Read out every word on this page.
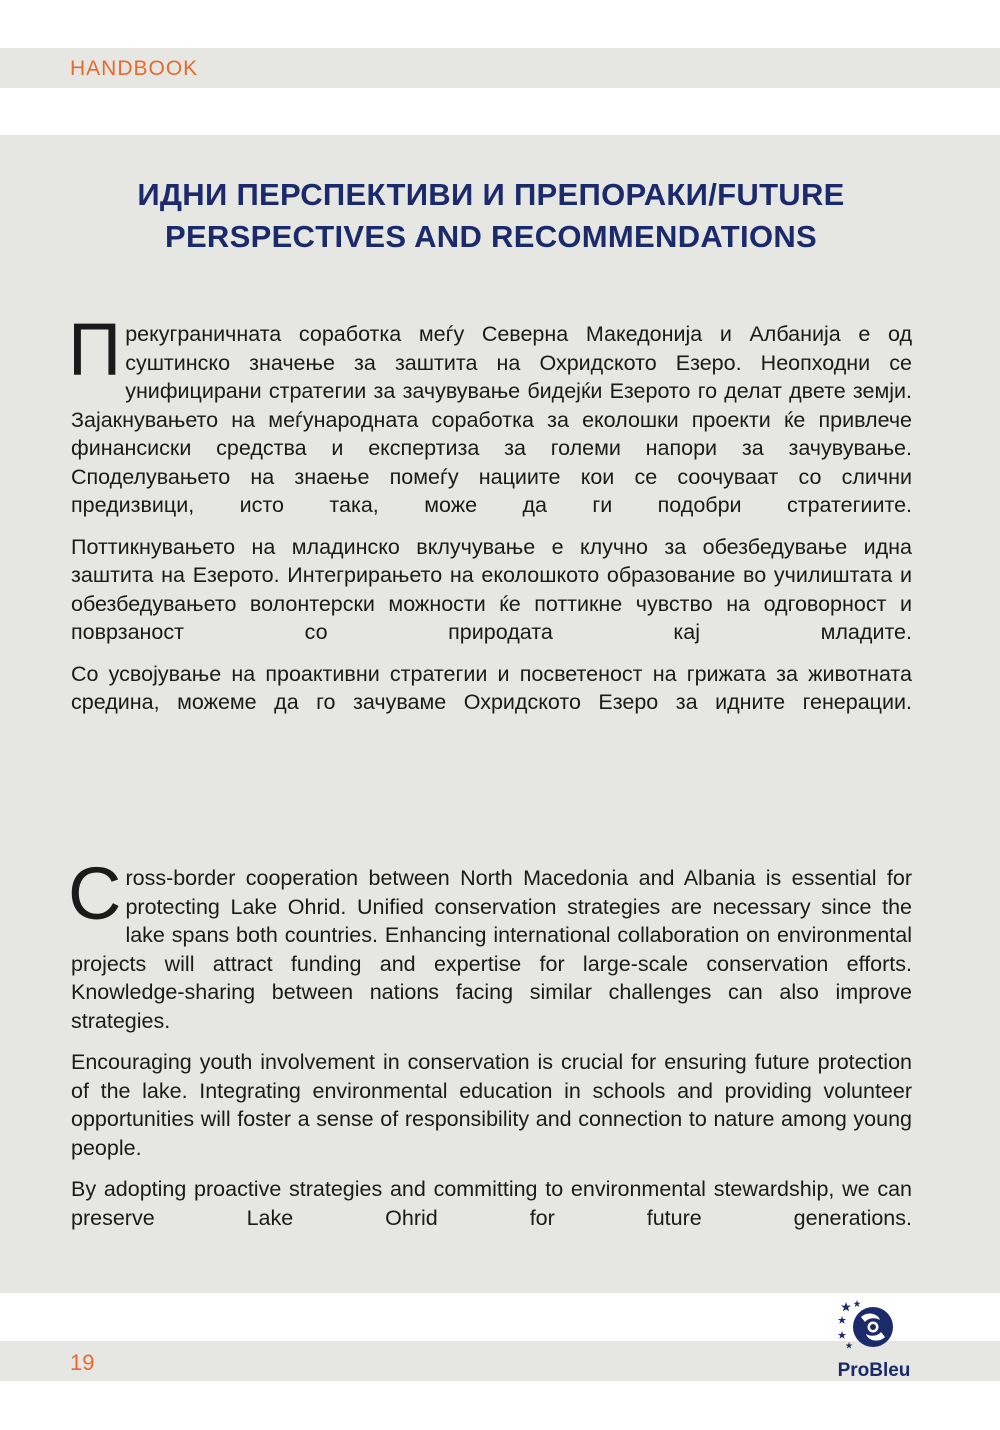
HANDBOOK
ИДНИ ПЕРСПЕКТИВИ И ПРЕПОРАКИ/FUTURE PERSPECTIVES AND RECOMMENDATIONS

Прекуграничната соработка меѓу Северна Македонија и Албанија е од суштинско значење за заштита на Охридското Езеро. Неопходни се унифицирани стратегии за зачувување бидејќи Езерото го делат двете земји. Зајакнувањето на меѓународната соработка за еколошки проекти ќе привлече финансиски средства и експертиза за големи напори за зачувување. Споделувањето на знаење помеѓу нациите кои се соочуваат со слични предизвици, исто така, може да ги подобри стратегиите.

Поттикнувањето на младинско вклучување е клучно за обезбедување идна заштита на Езерото. Интегрирањето на еколошкото образование во училиштата и обезбедувањето волонтерски можности ќе поттикне чувство на одговорност и поврзаност со природата кај младите.

Со усвојување на проактивни стратегии и посветеност на грижата за животната средина, можеме да го зачуваме Охридското Езеро за идните генерации.

Cross-border cooperation between North Macedonia and Albania is essential for protecting Lake Ohrid. Unified conservation strategies are necessary since the lake spans both countries. Enhancing international collaboration on environmental projects will attract funding and expertise for large-scale conservation efforts. Knowledge-sharing between nations facing similar challenges can also improve strategies.

Encouraging youth involvement in conservation is crucial for ensuring future protection of the lake. Integrating environmental education in schools and providing volunteer opportunities will foster a sense of responsibility and connection to nature among young people.

By adopting proactive strategies and committing to environmental stewardship, we can preserve Lake Ohrid for future generations.

19	ProBleu
